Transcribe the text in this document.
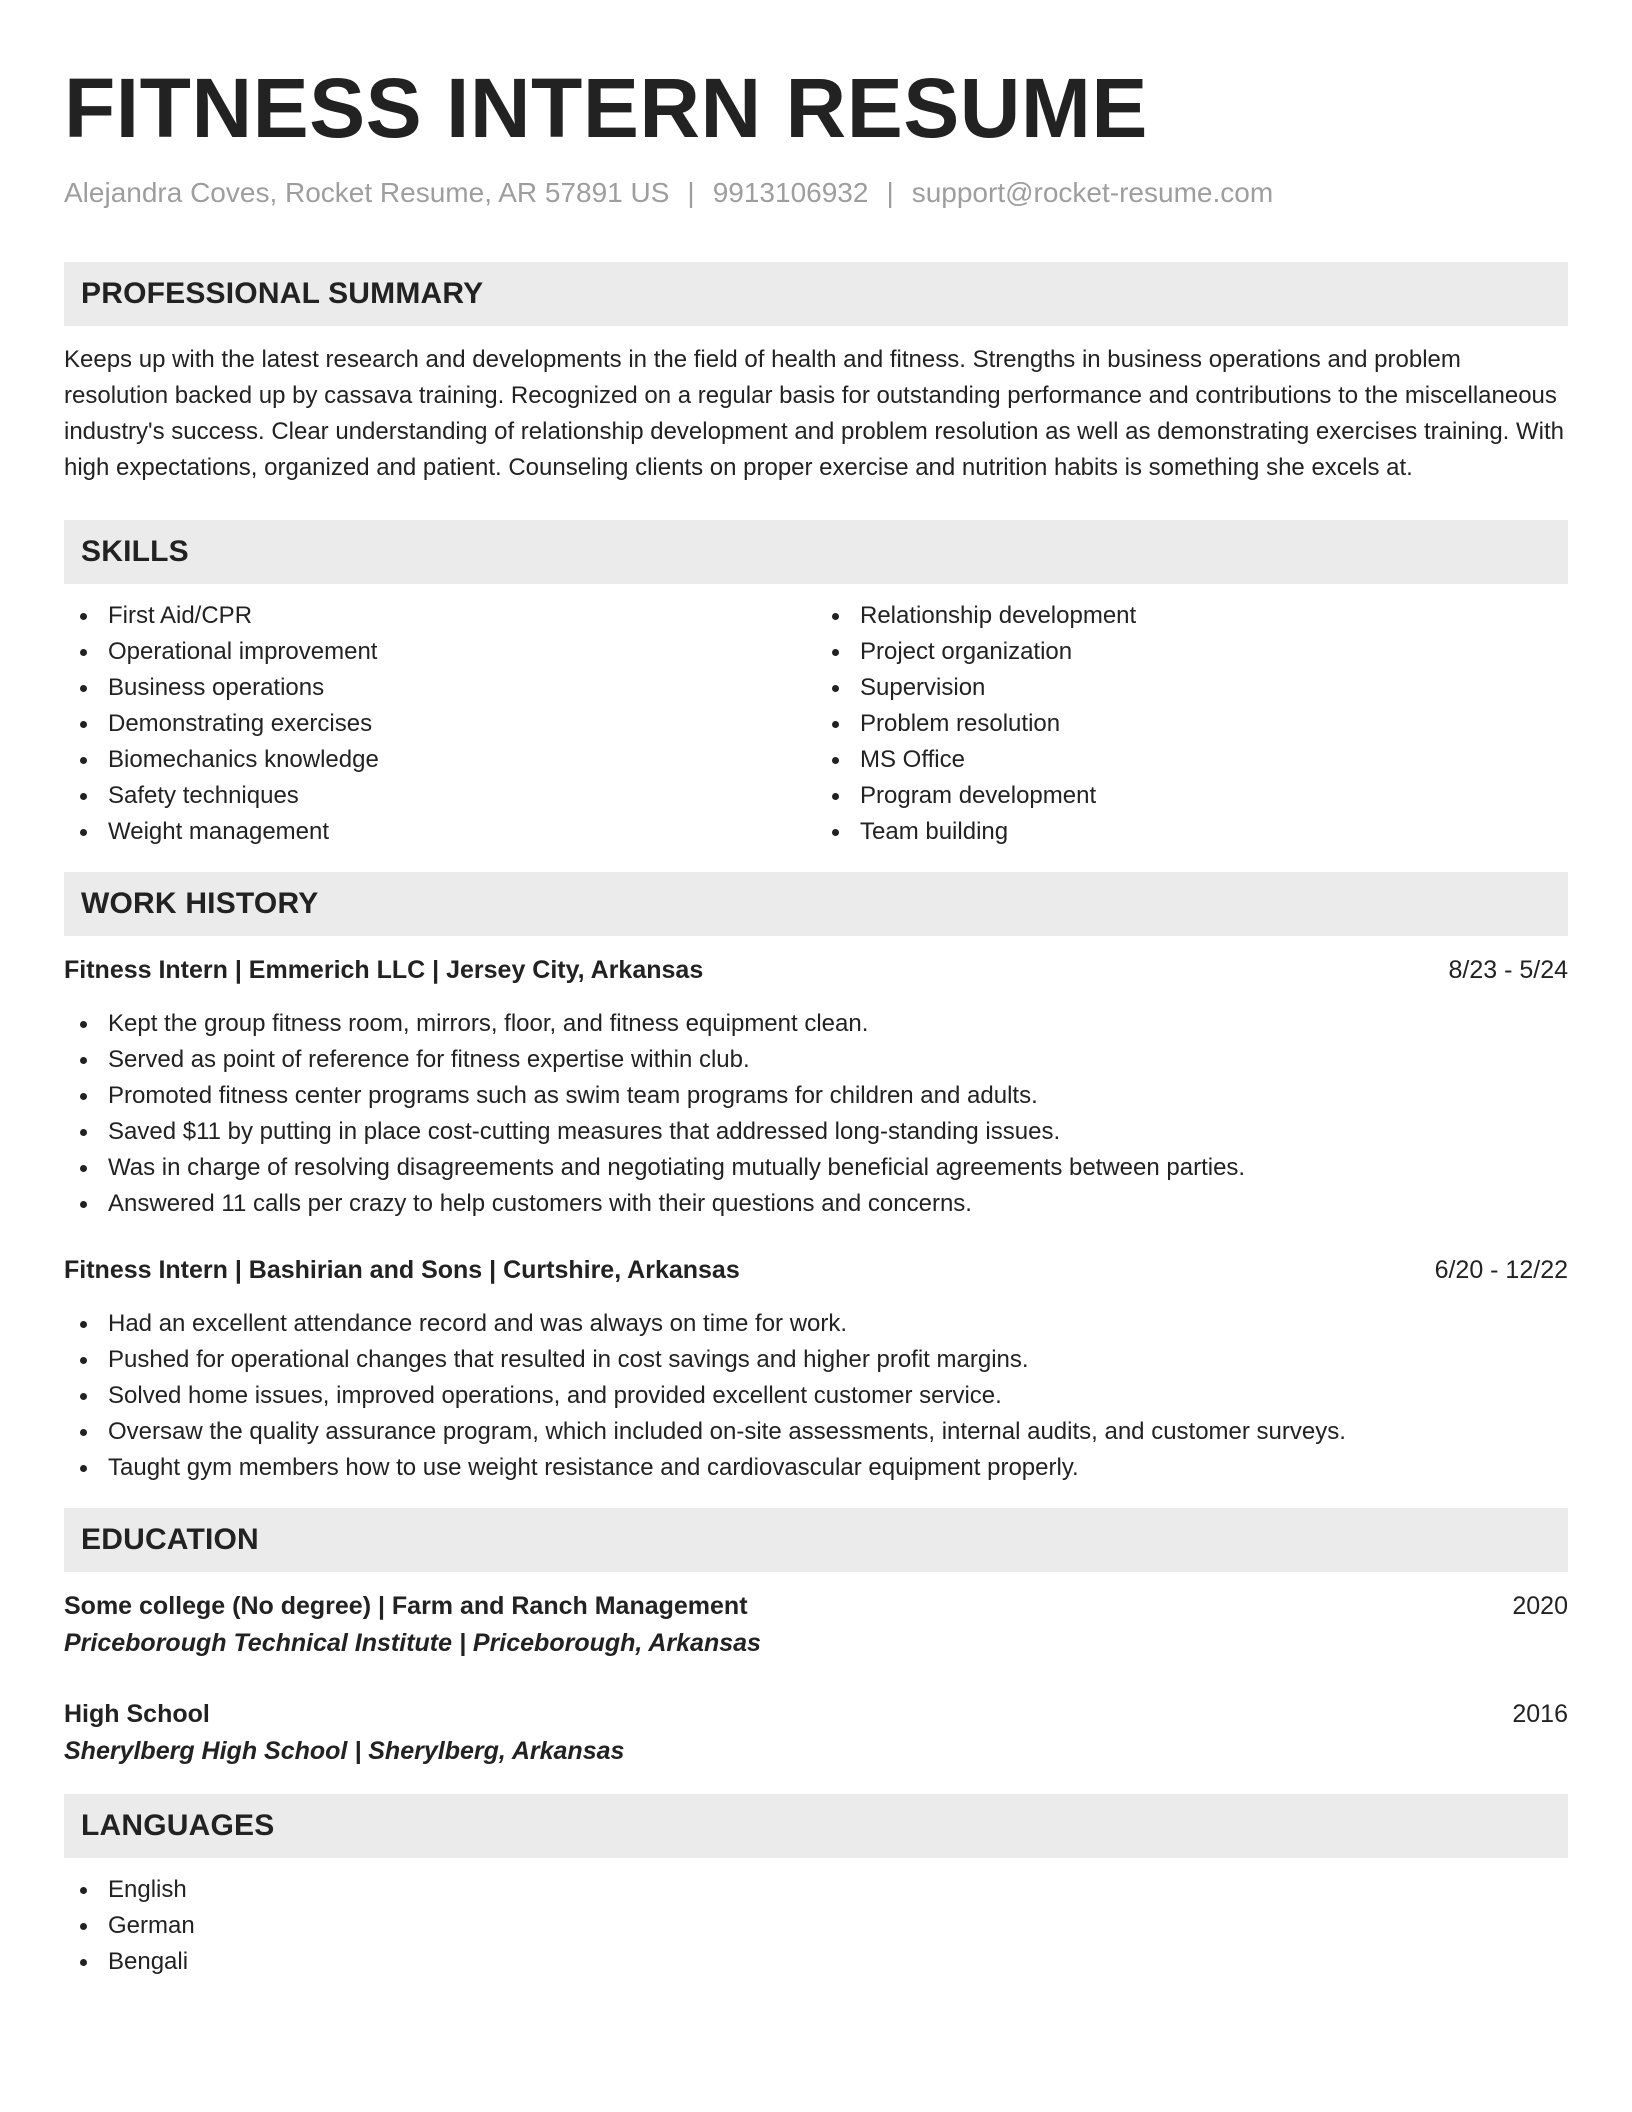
FITNESS INTERN RESUME
Alejandra Coves, Rocket Resume, AR 57891 US | 9913106932 | support@rocket-resume.com
PROFESSIONAL SUMMARY

Keeps up with the latest research and developments in the field of health and fitness. Strengths in business operations and problem resolution backed up by cassava training. Recognized on a regular basis for outstanding performance and contributions to the miscellaneous industry's success. Clear understanding of relationship development and problem resolution as well as demonstrating exercises training. With high expectations, organized and patient. Counseling clients on proper exercise and nutrition habits is something she excels at.

SKILLS
First Aid/CPR
Operational improvement
Business operations
Demonstrating exercises
Biomechanics knowledge
Safety techniques
Weight management
Relationship development
Project organization
Supervision
Problem resolution
MS Office
Program development
Team building
WORK HISTORY
Fitness Intern | Emmerich LLC | Jersey City, Arkansas	8/23 - 5/24
Kept the group fitness room, mirrors, floor, and fitness equipment clean.
Served as point of reference for fitness expertise within club.
Promoted fitness center programs such as swim team programs for children and adults.
Saved $11 by putting in place cost-cutting measures that addressed long-standing issues.
Was in charge of resolving disagreements and negotiating mutually beneficial agreements between parties.
Answered 11 calls per crazy to help customers with their questions and concerns.
Fitness Intern | Bashirian and Sons | Curtshire, Arkansas	6/20 - 12/22
Had an excellent attendance record and was always on time for work.
Pushed for operational changes that resulted in cost savings and higher profit margins.
Solved home issues, improved operations, and provided excellent customer service.
Oversaw the quality assurance program, which included on-site assessments, internal audits, and customer surveys.
Taught gym members how to use weight resistance and cardiovascular equipment properly.
EDUCATION
Some college (No degree) | Farm and Ranch Management	2020
Priceborough Technical Institute | Priceborough, Arkansas
High School	2016
Sherylberg High School | Sherylberg, Arkansas
LANGUAGES
English
German
Bengali
